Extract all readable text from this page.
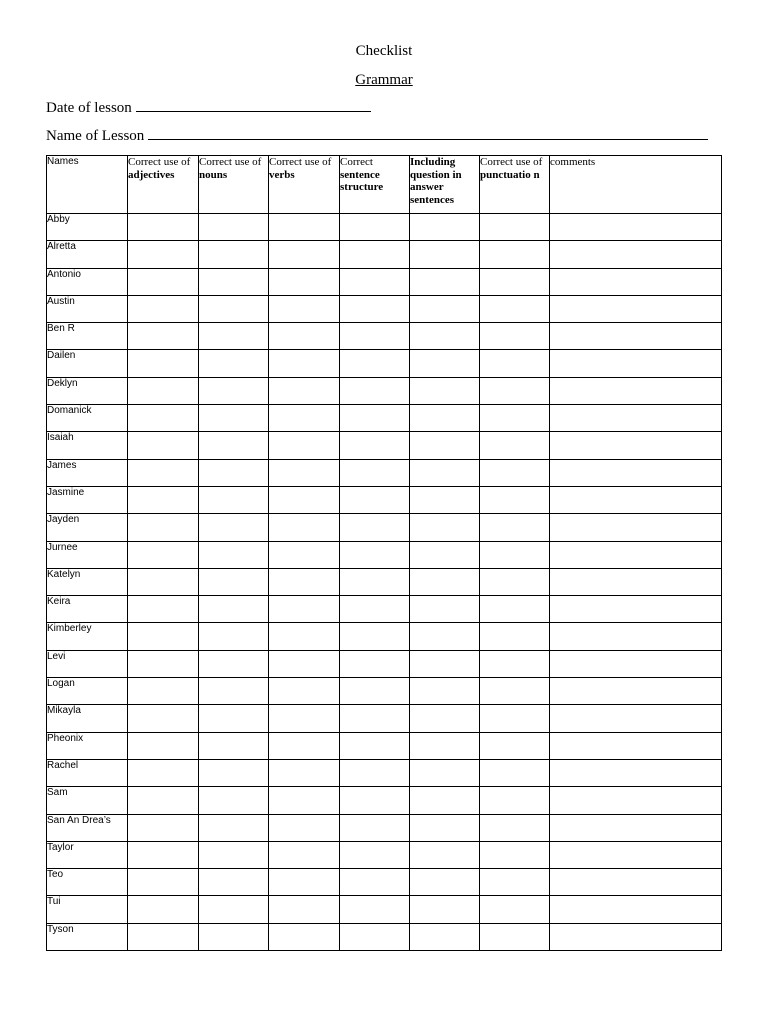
Checklist
Grammar
Date of lesson
Name of Lesson
Names	Correct use of adjectives	Correct use of nouns	Correct use of verbs	Correct sentence structure	Including question in answer sentences	Correct use of punctuatio n	comments
Abby							
Alretta							
Antonio							
Austin							
Ben R							
Dailen							
Deklyn							
Domanick							
Isaiah							
James							
Jasmine							
Jayden							
Jurnee							
Katelyn							
Keira							
Kimberley							
Levi							
Logan							
Mikayla							
Pheonix							
Rachel							
Sam							
San An Drea’s							
Taylor							
Teo							
Tui							
Tyson							
